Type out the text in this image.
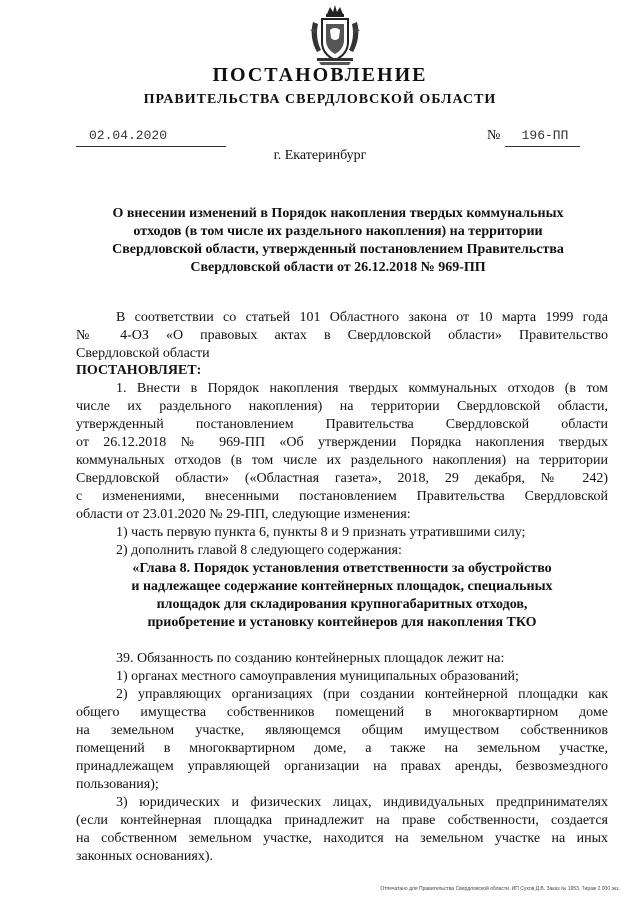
ПОСТАНОВЛЕНИЕ
ПРАВИТЕЛЬСТВА СВЕРДЛОВСКОЙ ОБЛАСТИ
02.04.2020	№	196-ПП
г. Екатеринбург
О внесении изменений в Порядок накопления твердых коммунальных
отходов (в том числе их раздельного накопления) на территории
Свердловской области, утвержденный постановлением Правительства
Свердловской области от 26.12.2018 № 969-ПП
В соответствии со статьей 101 Областного закона от 10 марта 1999 года
№ 4-ОЗ «О правовых актах в Свердловской области» Правительство
Свердловской области
ПОСТАНОВЛЯЕТ:
1. Внести в Порядок накопления твердых коммунальных отходов (в том
числе их раздельного накопления) на территории Свердловской области,
утвержденный постановлением Правительства Свердловской области
от 26.12.2018 № 969-ПП «Об утверждении Порядка накопления твердых
коммунальных отходов (в том числе их раздельного накопления) на территории
Свердловской области» («Областная газета», 2018, 29 декабря, № 242)
с изменениями, внесенными постановлением Правительства Свердловской
области от 23.01.2020 № 29-ПП, следующие изменения:
1) часть первую пункта 6, пункты 8 и 9 признать утратившими силу;
2) дополнить главой 8 следующего содержания:
«Глава 8. Порядок установления ответственности за обустройство
и надлежащее содержание контейнерных площадок, специальных
площадок для складирования крупногабаритных отходов,
приобретение и установку контейнеров для накопления ТКО
39. Обязанность по созданию контейнерных площадок лежит на:
1) органах местного самоуправления муниципальных образований;
2) управляющих организациях (при создании контейнерной площадки как
общего имущества собственников помещений в многоквартирном доме
на земельном участке, являющемся общим имуществом собственников
помещений в многоквартирном доме, а также на земельном участке,
принадлежащем управляющей организации на правах аренды, безвозмездного
пользования);
3) юридических и физических лицах, индивидуальных предпринимателях
(если контейнерная площадка принадлежит на праве собственности, создается
на собственном земельном участке, находится на земельном участке на иных
законных основаниях).
Отпечатано для Правительства Свердловской области. ИП Сухов Д.В. Заказ № 1953. Тираж 2 000 экз.
